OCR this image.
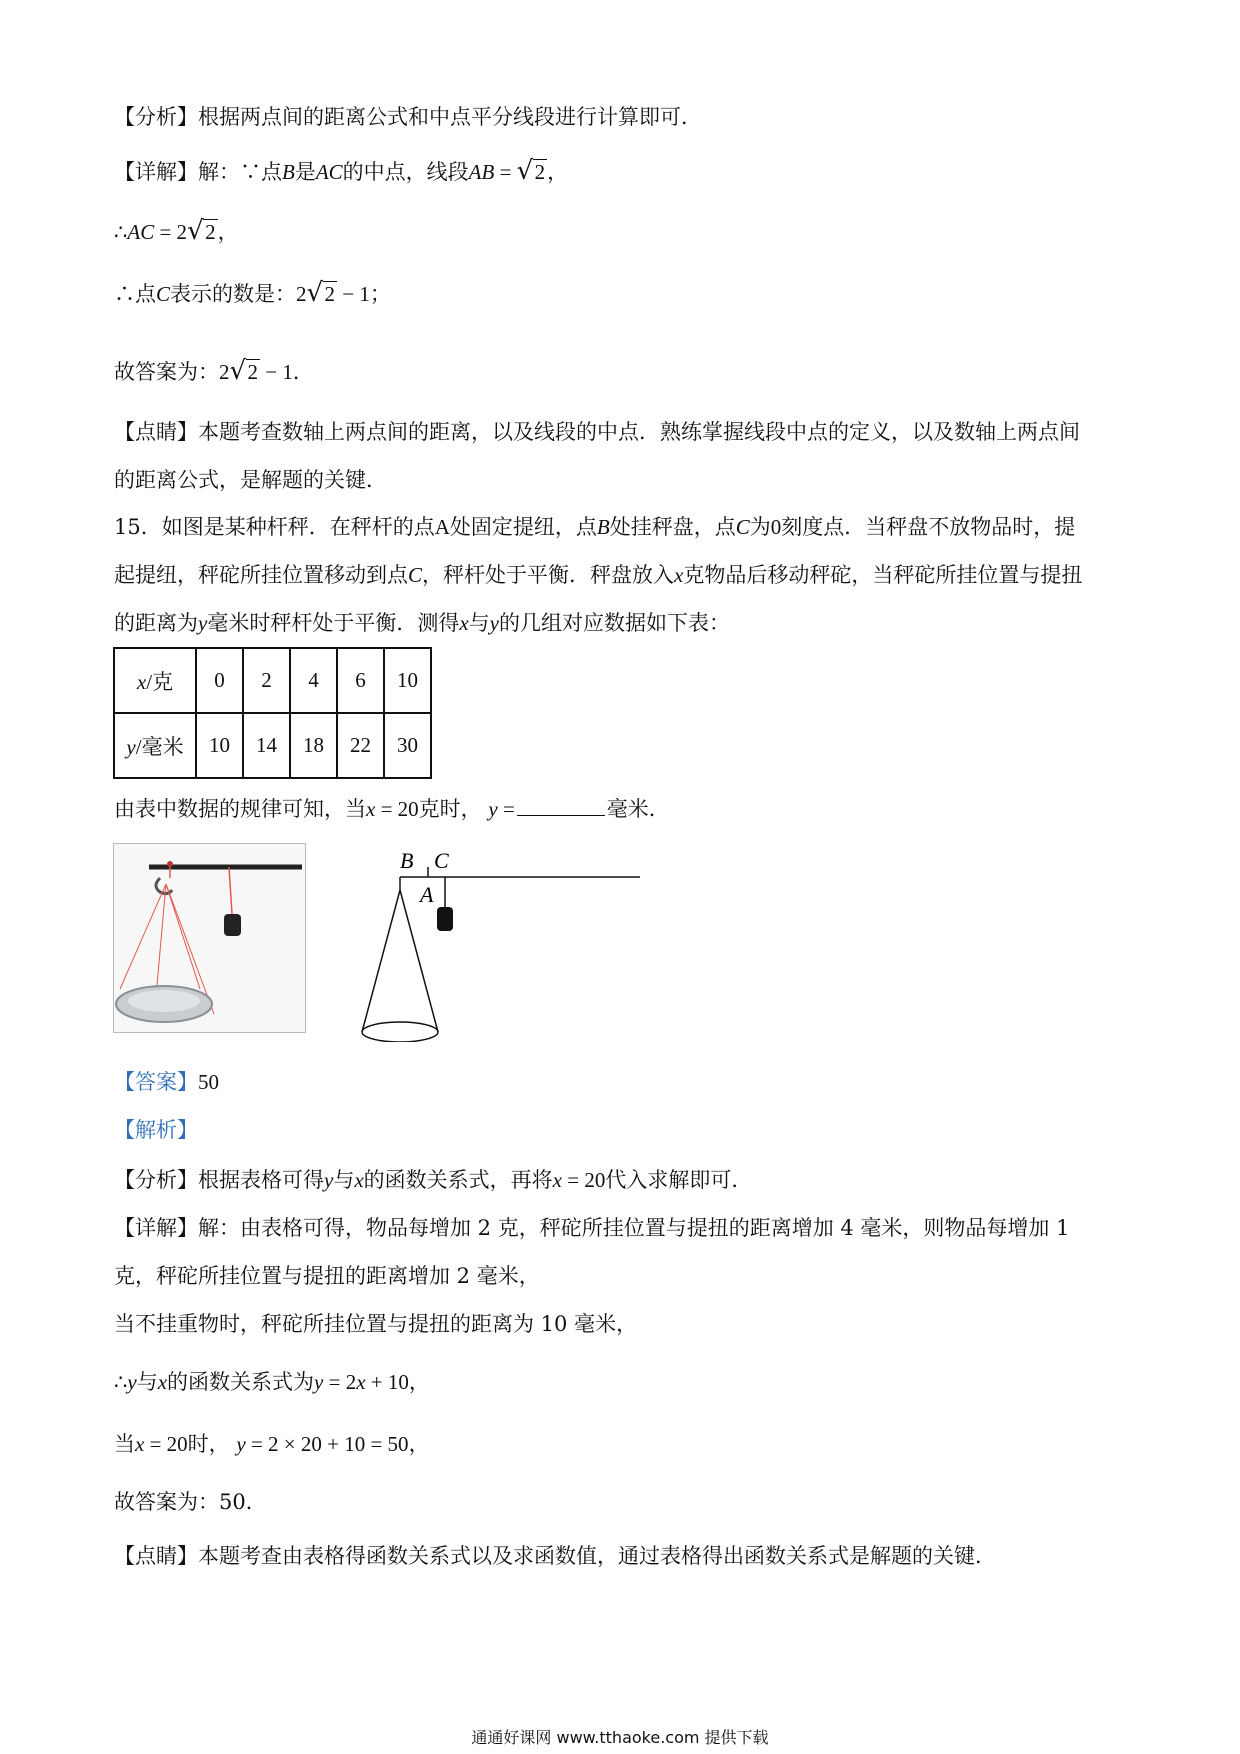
【分析】根据两点间的距离公式和中点平分线段进行计算即可．
【详解】解：∵点B是AC的中点，线段AB = √ 2，
∴AC = 2 √ 2，
∴点C表示的数是：2 √ 2 − 1；
故答案为：2 √ 2 − 1．
【点睛】本题考查数轴上两点间的距离，以及线段的中点．熟练掌握线段中点的定义，以及数轴上两点间
的距离公式，是解题的关键．
15．如图是某种杆秤．在秤杆的点A处固定提纽，点B处挂秤盘，点C为0刻度点．当秤盘不放物品时，提
起提纽，秤砣所挂位置移动到点C，秤杆处于平衡．秤盘放入x克物品后移动秤砣，当秤砣所挂位置与提扭
的距离为y毫米时秤杆处于平衡．测得x与y的几组对应数据如下表：
x/克	0	2	4	6	10
y/毫米	10	14	18	22	30
由表中数据的规律可知，当x = 20克时， y =	毫米．
B C
A
【答案】50
【解析】
【分析】根据表格可得y与x的函数关系式，再将x = 20代入求解即可．
【详解】解：由表格可得，物品每增加 2 克，秤砣所挂位置与提扭的距离增加 4 毫米，则物品每增加 1
克，秤砣所挂位置与提扭的距离增加 2 毫米，
当不挂重物时，秤砣所挂位置与提扭的距离为 10 毫米，
∴y与x的函数关系式为y = 2x + 10，
当x = 20时， y = 2 × 20 + 10 = 50，
故答案为：50．
【点睛】本题考查由表格得函数关系式以及求函数值，通过表格得出函数关系式是解题的关键．
通通好课网 www.tthaoke.com 提供下载
